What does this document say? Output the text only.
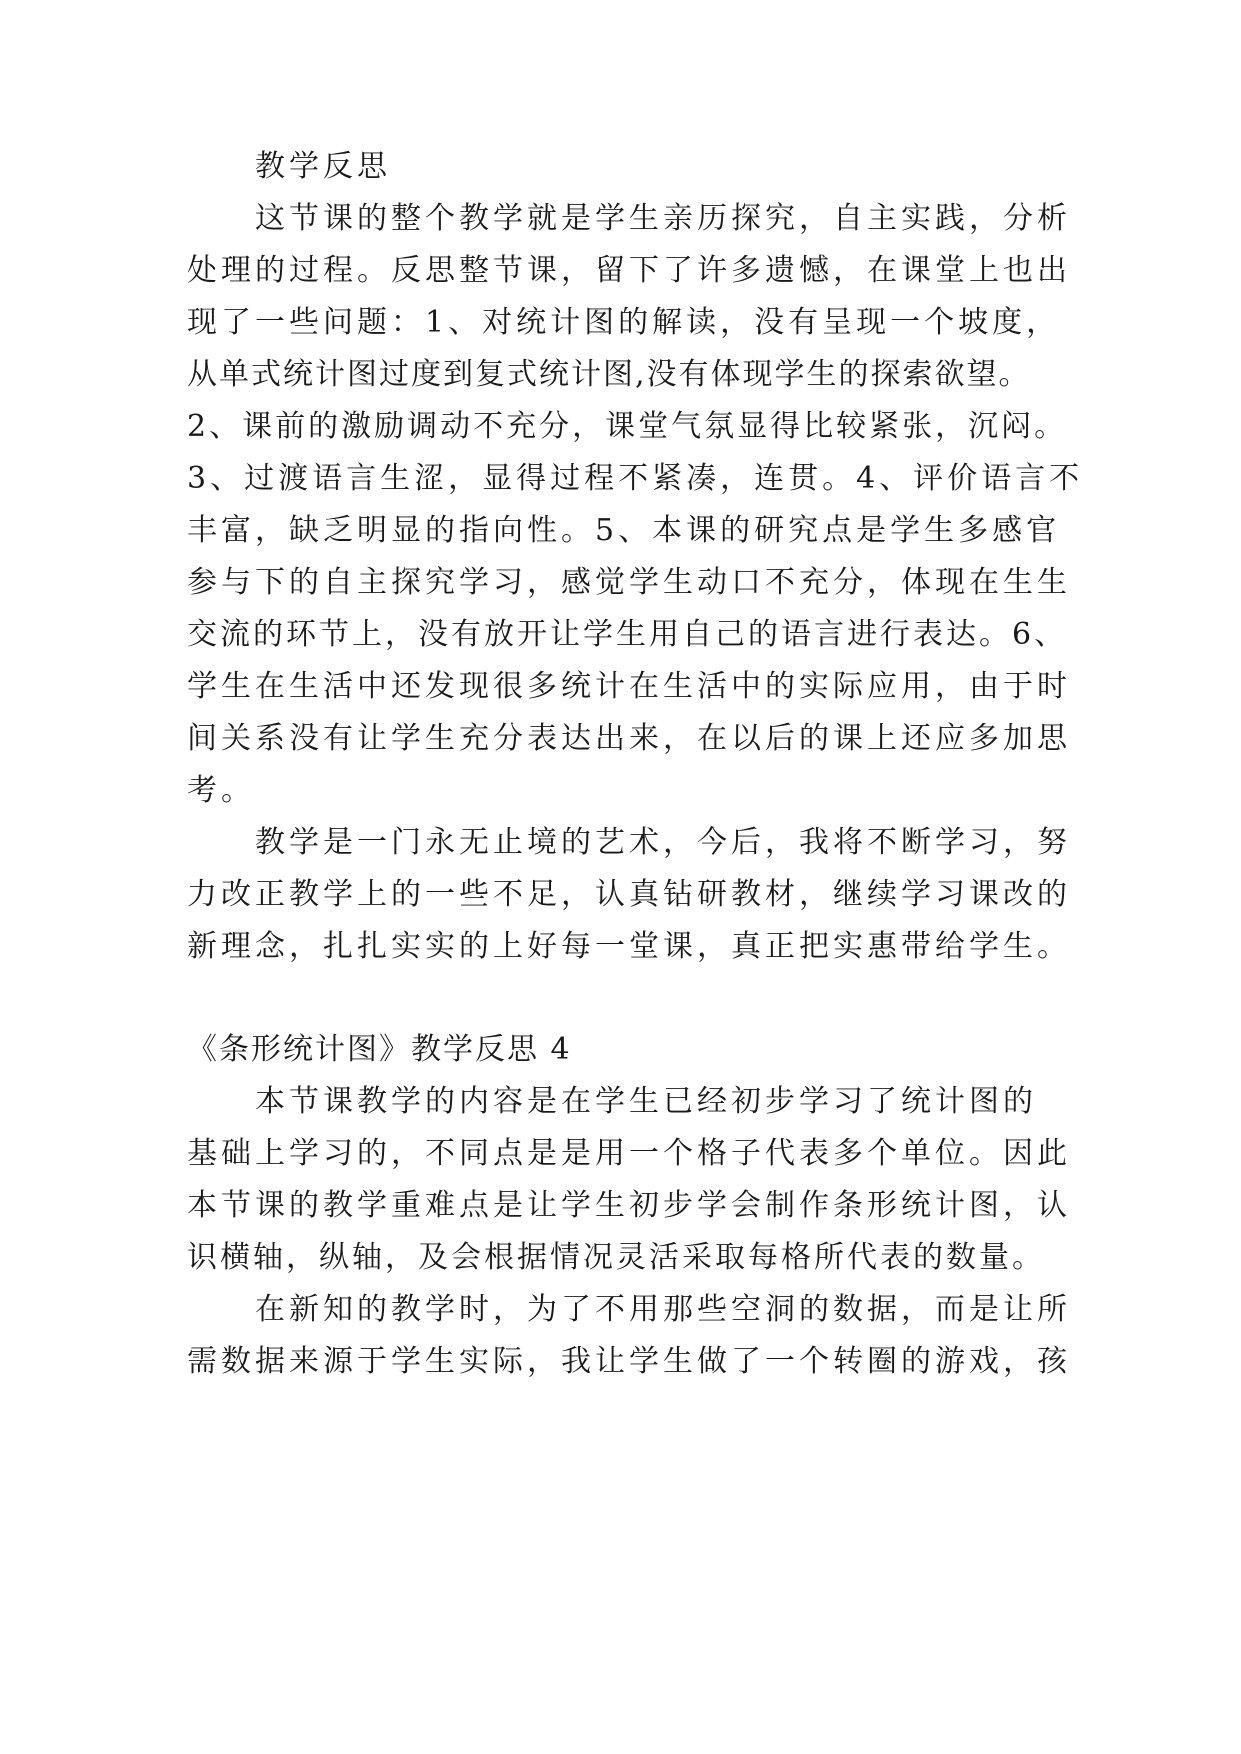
教学反思
这节课的整个教学就是学生亲历探究，自主实践，分析
处理的过程。反思整节课，留下了许多遗憾，在课堂上也出
现了一些问题：1、对统计图的解读，没有呈现一个坡度，
从单式统计图过度到复式统计图,没有体现学生的探索欲望。
2、课前的激励调动不充分，课堂气氛显得比较紧张，沉闷。
3、过渡语言生涩，显得过程不紧凑，连贯。4、评价语言不
丰富，缺乏明显的指向性。5、本课的研究点是学生多感官
参与下的自主探究学习，感觉学生动口不充分，体现在生生
交流的环节上，没有放开让学生用自己的语言进行表达。6、
学生在生活中还发现很多统计在生活中的实际应用，由于时
间关系没有让学生充分表达出来，在以后的课上还应多加思
考。
教学是一门永无止境的艺术，今后，我将不断学习，努
力改正教学上的一些不足，认真钻研教材，继续学习课改的
新理念，扎扎实实的上好每一堂课，真正把实惠带给学生。
《条形统计图》教学反思 4
本节课教学的内容是在学生已经初步学习了统计图的
基础上学习的，不同点是是用一个格子代表多个单位。因此
本节课的教学重难点是让学生初步学会制作条形统计图，认
识横轴，纵轴，及会根据情况灵活采取每格所代表的数量。
在新知的教学时，为了不用那些空洞的数据，而是让所
需数据来源于学生实际，我让学生做了一个转圈的游戏，孩
